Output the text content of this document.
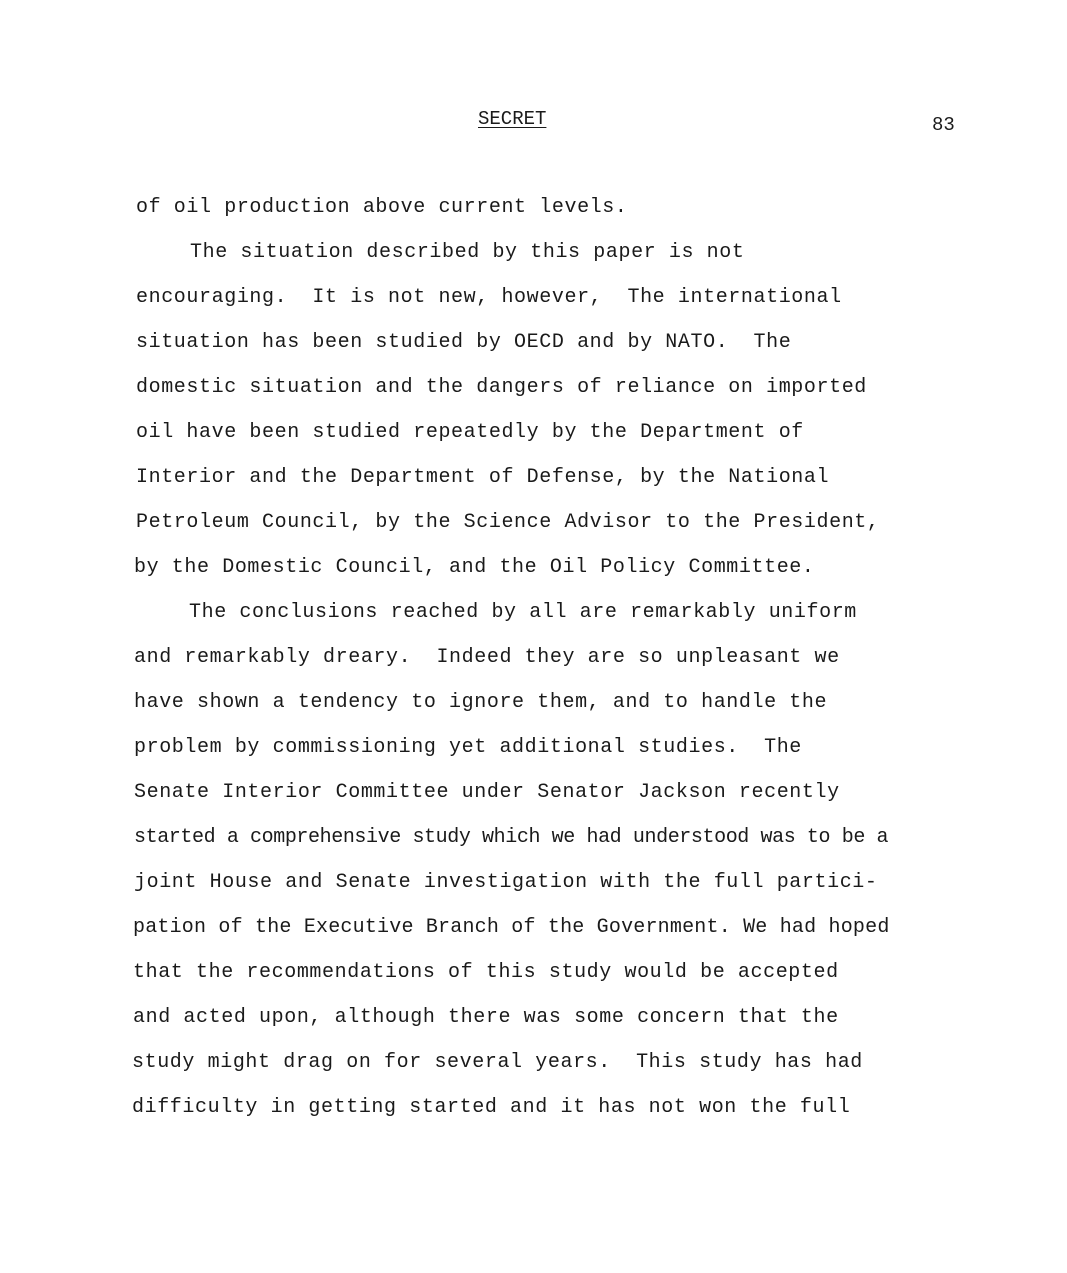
SECRET	83
of oil production above current levels.
The situation described by this paper is not
encouraging.  It is not new, however,  The international
situation has been studied by OECD and by NATO.  The
domestic situation and the dangers of reliance on imported
oil have been studied repeatedly by the Department of
Interior and the Department of Defense, by the National
Petroleum Council, by the Science Advisor to the President,
by the Domestic Council, and the Oil Policy Committee.
The conclusions reached by all are remarkably uniform
and remarkably dreary.  Indeed they are so unpleasant we
have shown a tendency to ignore them, and to handle the
problem by commissioning yet additional studies.  The
Senate Interior Committee under Senator Jackson recently
started a comprehensive study which we had understood was to be a
joint House and Senate investigation with the full partici-
pation of the Executive Branch of the Government. We had hoped
that the recommendations of this study would be accepted
and acted upon, although there was some concern that the
study might drag on for several years.  This study has had
difficulty in getting started and it has not won the full
